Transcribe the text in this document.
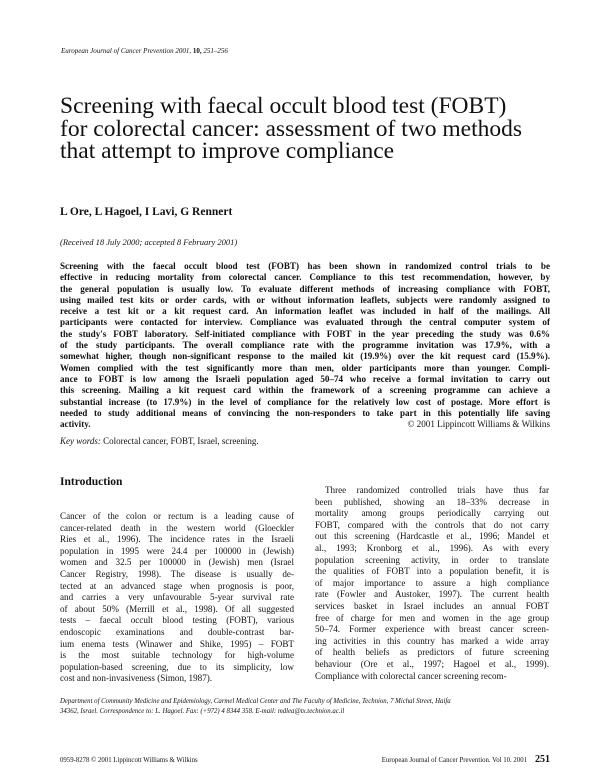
European Journal of Cancer Prevention 2001, 10, 251–256
Screening with faecal occult blood test (FOBT)
for colorectal cancer: assessment of two methods
that attempt to improve compliance
L Ore, L Hagoel, I Lavi, G Rennert
(Received 18 July 2000; accepted 8 February 2001)
Screening with the faecal occult blood test (FOBT) has been shown in randomized control trials to be
effective in reducing mortality from colorectal cancer. Compliance to this test recommendation, however, by
the general population is usually low. To evaluate different methods of increasing compliance with FOBT,
using mailed test kits or order cards, with or without information leaflets, subjects were randomly assigned to
receive a test kit or a kit request card. An information leaflet was included in half of the mailings. All
participants were contacted for interview. Compliance was evaluated through the central computer system of
the study's FOBT laboratory. Self-initiated compliance with FOBT in the year preceding the study was 0.6%
of the study participants. The overall compliance rate with the programme invitation was 17.9%, with a
somewhat higher, though non-significant response to the mailed kit (19.9%) over the kit request card (15.9%).
Women complied with the test significantly more than men, older participants more than younger. Compli-
ance to FOBT is low among the Israeli population aged 50–74 who receive a formal invitation to carry out
this screening. Mailing a kit request card within the framework of a screening programme can achieve a
substantial increase (to 17.9%) in the level of compliance for the relatively low cost of postage. More effort is
needed to study additional means of convincing the non-responders to take part in this potentially life saving
activity.	© 2001 Lippincott Williams & Wilkins
Key words: Colorectal cancer, FOBT, Israel, screening.
Introduction
Cancer of the colon or rectum is a leading cause of
cancer-related death in the western world (Gloeckler
Ries et al., 1996). The incidence rates in the Israeli
population in 1995 were 24.4 per 100000 in (Jewish)
women and 32.5 per 100000 in (Jewish) men (Israel
Cancer Registry, 1998). The disease is usually de-
tected at an advanced stage when prognosis is poor,
and carries a very unfavourable 5-year survival rate
of about 50% (Merrill et al., 1998). Of all suggested
tests – faecal occult blood testing (FOBT), various
endoscopic examinations and double-contrast bar-
ium enema tests (Winawer and Shike, 1995) – FOBT
is the most suitable technology for high-volume
population-based screening, due to its simplicity, low
cost and non-invasiveness (Simon, 1987).
Three randomized controlled trials have thus far
been published, showing an 18–33% decrease in
mortality among groups periodically carrying out
FOBT, compared with the controls that do not carry
out this screening (Hardcastle et al., 1996; Mandel et
al., 1993; Kronborg et al., 1996). As with every
population screening activity, in order to translate
the qualities of FOBT into a population benefit, it is
of major importance to assure a high compliance
rate (Fowler and Austoker, 1997). The current health
services basket in Israel includes an annual FOBT
free of charge for men and women in the age group
50–74. Former experience with breast cancer screen-
ing activities in this country has marked a wide array
of health beliefs as predictors of future screening
behaviour (Ore et al., 1997; Hagoel et al., 1999).
Compliance with colorectal cancer screening recom-
Department of Community Medicine and Epidemiology, Carmel Medical Center and The Faculty of Medicine, Technion, 7 Michal Street, Haifa
34362, Israel. Correspondence to: L. Hagoel. Fax: (+972) 4 8344 358. E-mail: mdlea@tx.technion.ac.il
0959-8278 © 2001 Lippincott Williams & Wilkins	European Journal of Cancer Prevention. Vol 10. 2001 251
